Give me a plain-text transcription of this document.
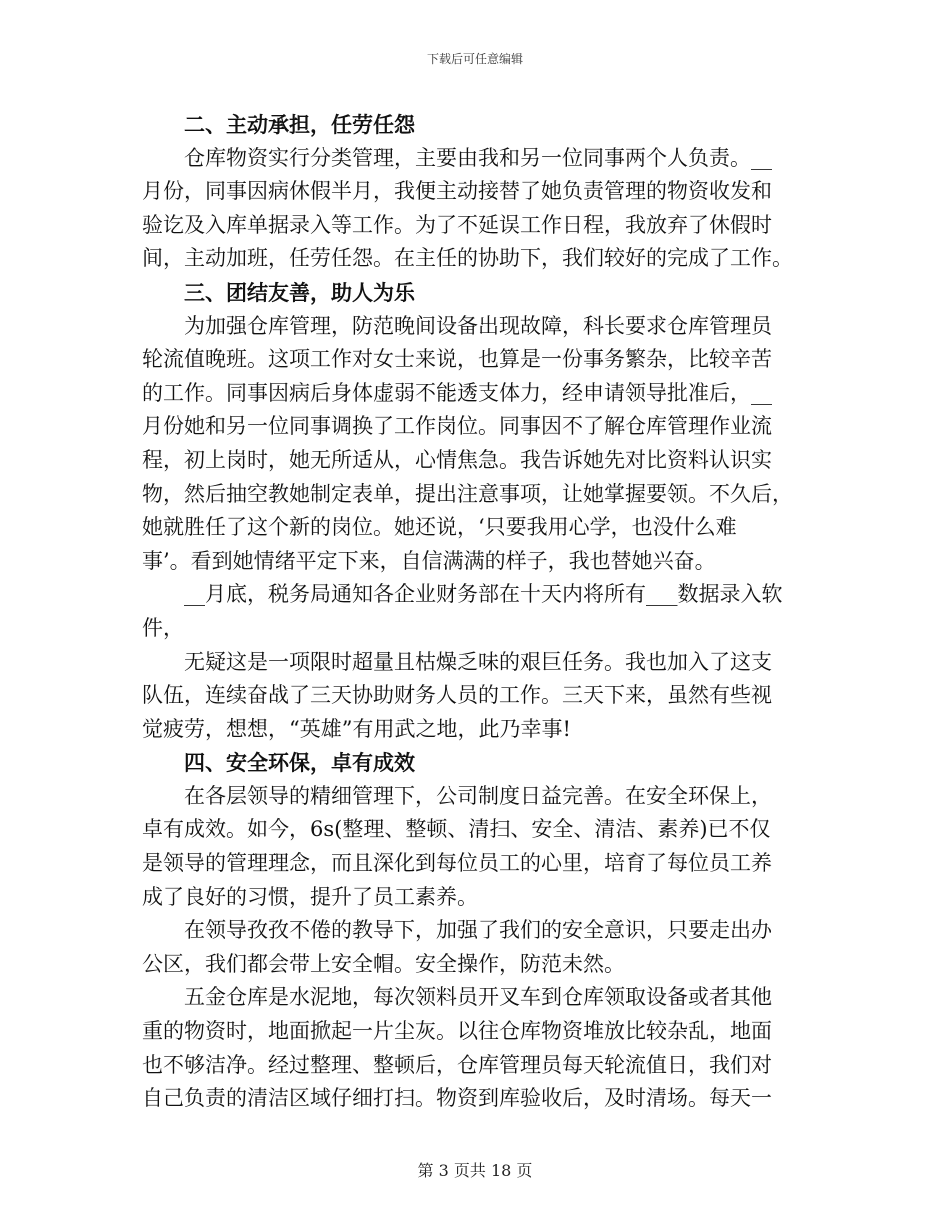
下载后可任意编辑
二、主动承担，任劳任怨
仓库物资实行分类管理，主要由我和另一位同事两个人负责。__
月份，同事因病休假半月，我便主动接替了她负责管理的物资收发和
验讫及入库单据录入等工作。为了不延误工作日程，我放弃了休假时
间，主动加班，任劳任怨。在主任的协助下，我们较好的完成了工作。
三、团结友善，助人为乐
为加强仓库管理，防范晚间设备出现故障，科长要求仓库管理员
轮流值晚班。这项工作对女士来说，也算是一份事务繁杂，比较辛苦
的工作。同事因病后身体虚弱不能透支体力，经申请领导批准后，__
月份她和另一位同事调换了工作岗位。同事因不了解仓库管理作业流
程，初上岗时，她无所适从，心情焦急。我告诉她先对比资料认识实
物，然后抽空教她制定表单，提出注意事项，让她掌握要领。不久后，
她就胜任了这个新的岗位。她还说，‘只要我用心学，也没什么难
事’。看到她情绪平定下来，自信满满的样子，我也替她兴奋。
__月底，税务局通知各企业财务部在十天内将所有___数据录入软
件，
无疑这是一项限时超量且枯燥乏味的艰巨任务。我也加入了这支
队伍，连续奋战了三天协助财务人员的工作。三天下来，虽然有些视
觉疲劳，想想，“英雄”有用武之地，此乃幸事!
四、安全环保，卓有成效
在各层领导的精细管理下，公司制度日益完善。在安全环保上，
卓有成效。如今，6s(整理、整顿、清扫、安全、清洁、素养)已不仅
是领导的管理理念，而且深化到每位员工的心里，培育了每位员工养
成了良好的习惯，提升了员工素养。
在领导孜孜不倦的教导下，加强了我们的安全意识，只要走出办
公区，我们都会带上安全帽。安全操作，防范未然。
五金仓库是水泥地，每次领料员开叉车到仓库领取设备或者其他
重的物资时，地面掀起一片尘灰。以往仓库物资堆放比较杂乱，地面
也不够洁净。经过整理、整顿后，仓库管理员每天轮流值日，我们对
自己负责的清洁区域仔细打扫。物资到库验收后，及时清场。每天一
第 3 页共 18 页
